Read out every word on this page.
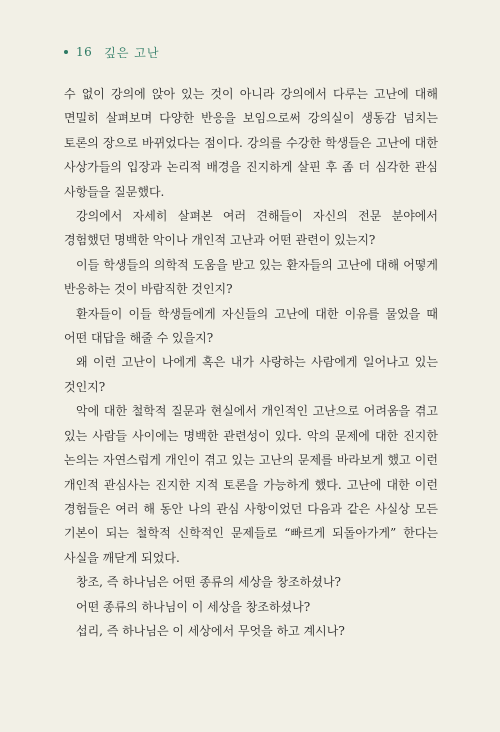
16 깊은 고난

수 없이 강의에 앉아 있는 것이 아니라 강의에서 다루는 고난에 대해 면밀히 살펴보며 다양한 반응을 보임으로써 강의실이 생동감 넘치는 토론의 장으로 바뀌었다는 점이다. 강의를 수강한 학생들은 고난에 대한 사상가들의 입장과 논리적 배경을 진지하게 살핀 후 좀 더 심각한 관심 사항들을 질문했다.

강의에서 자세히 살펴본 여러 견해들이 자신의 전문 분야에서 경험했던 명백한 악이나 개인적 고난과 어떤 관련이 있는지?

이들 학생들의 의학적 도움을 받고 있는 환자들의 고난에 대해 어떻게 반응하는 것이 바람직한 것인지?

환자들이 이들 학생들에게 자신들의 고난에 대한 이유를 물었을 때 어떤 대답을 해줄 수 있을지?

왜 이런 고난이 나에게 혹은 내가 사랑하는 사람에게 일어나고 있는 것인지?

악에 대한 철학적 질문과 현실에서 개인적인 고난으로 어려움을 겪고 있는 사람들 사이에는 명백한 관련성이 있다. 악의 문제에 대한 진지한 논의는 자연스럽게 개인이 겪고 있는 고난의 문제를 바라보게 했고 이런 개인적 관심사는 진지한 지적 토론을 가능하게 했다. 고난에 대한 이런 경험들은 여러 해 동안 나의 관심 사항이었던 다음과 같은 사실상 모든 기본이 되는 철학적 신학적인 문제들로 “빠르게 되돌아가게” 한다는 사실을 깨닫게 되었다.

창조, 즉 하나님은 어떤 종류의 세상을 창조하셨나?

어떤 종류의 하나님이 이 세상을 창조하셨나?

섭리, 즉 하나님은 이 세상에서 무엇을 하고 계시나?
